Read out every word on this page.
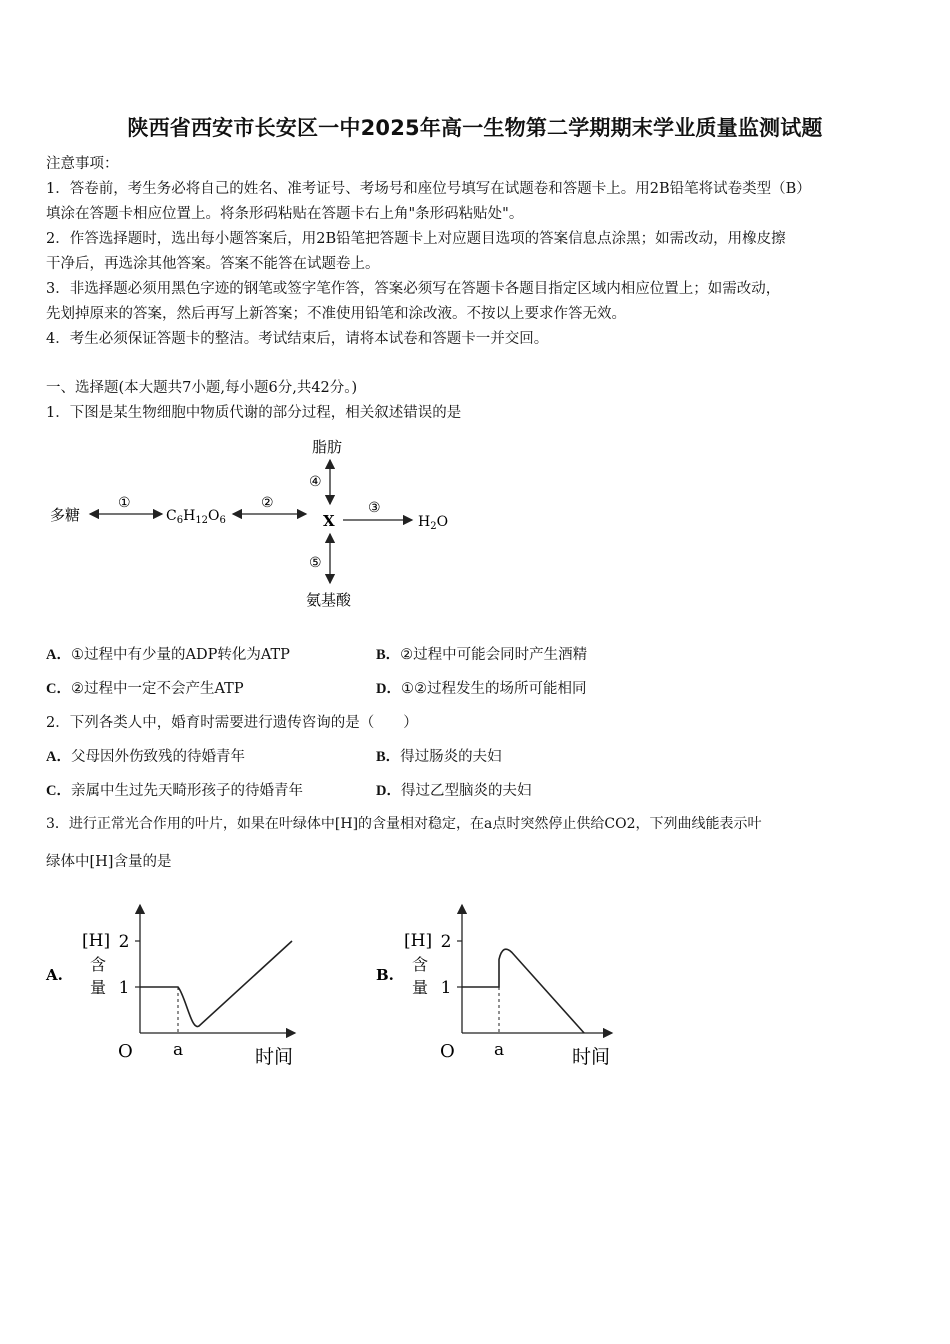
陕西省西安市长安区一中2025年高一生物第二学期期末学业质量监测试题
注意事项：
1．答卷前，考生务必将自己的姓名、准考证号、考场号和座位号填写在试题卷和答题卡上。用2B铅笔将试卷类型（B）
填涂在答题卡相应位置上。将条形码粘贴在答题卡右上角"条形码粘贴处"。
2．作答选择题时，选出每小题答案后，用2B铅笔把答题卡上对应题目选项的答案信息点涂黑；如需改动，用橡皮擦
干净后，再选涂其他答案。答案不能答在试题卷上。
3．非选择题必须用黑色字迹的钢笔或签字笔作答，答案必须写在答题卡各题目指定区域内相应位置上；如需改动，
先划掉原来的答案，然后再写上新答案；不准使用铅笔和涂改液。不按以上要求作答无效。
4．考生必须保证答题卡的整洁。考试结束后，请将本试卷和答题卡一并交回。
一、选择题(本大题共7小题,每小题6分,共42分。)
1．下图是某生物细胞中物质代谢的部分过程，相关叙述错误的是
多糖
①
$C_6H_{12}O_6$
②
X
③
$H_2O$
脂肪
④
⑤
氨基酸
A．①过程中有少量的ADP转化为ATP	B．②过程中可能会同时产生酒精
C．②过程中一定不会产生ATP	D．①②过程发生的场所可能相同
2．下列各类人中，婚育时需要进行遗传咨询的是（　　）
A．父母因外伤致残的待婚青年	B．得过肠炎的夫妇
C．亲属中生过先天畸形孩子的待婚青年	D．得过乙型脑炎的夫妇
3．进行正常光合作用的叶片，如果在叶绿体中[H]的含量相对稳定，在a点时突然停止供给CO2，下列曲线能表示叶
绿体中[H]含量的是
1
2
[H]
含
量
A.
O a	时间
1
2
[H]
含
量
B.
O a	时间
